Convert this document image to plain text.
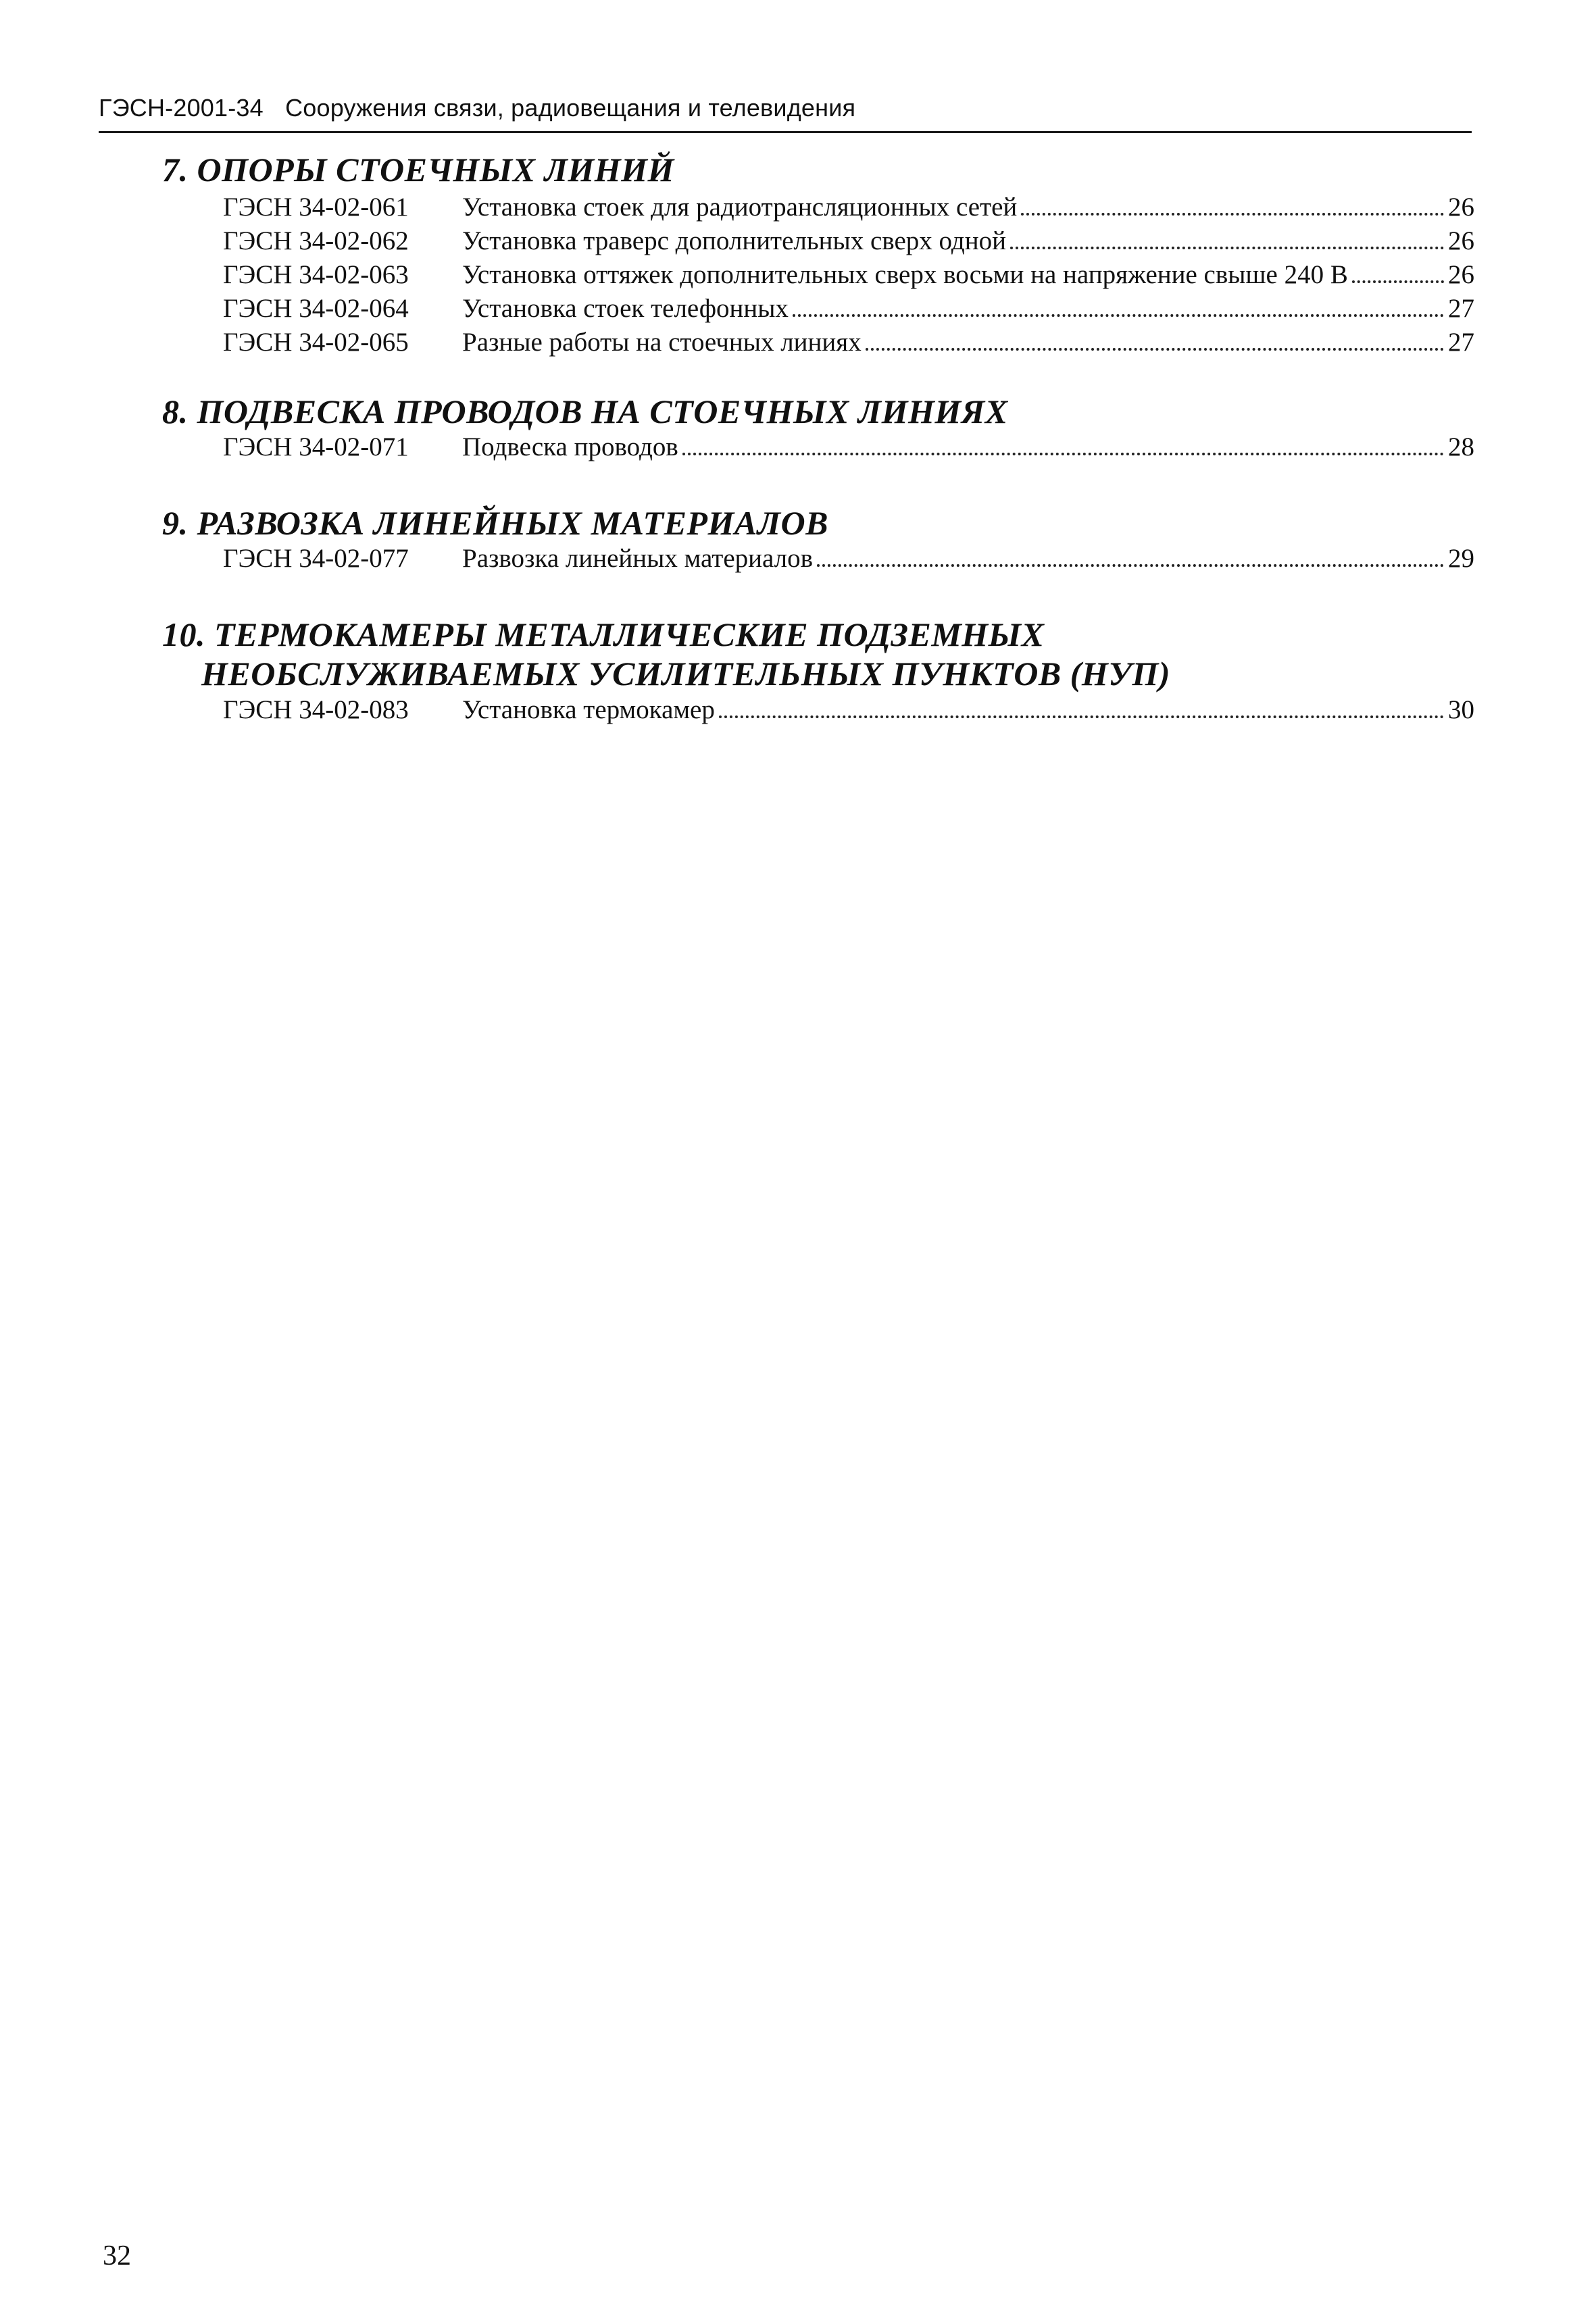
ГЭСН-2001-34 Сооружения связи, радиовещания и телевидения
7. ОПОРЫ СТОЕЧНЫХ ЛИНИЙ
ГЭСН 34-02-061	Установка стоек для радиотрансляционных сетей	26
ГЭСН 34-02-062	Установка траверс дополнительных сверх одной	26
ГЭСН 34-02-063	Установка оттяжек дополнительных сверх восьми на напряжение свыше 240 В	26
ГЭСН 34-02-064	Установка стоек телефонных	27
ГЭСН 34-02-065	Разные работы на стоечных линиях	27
8. ПОДВЕСКА ПРОВОДОВ НА СТОЕЧНЫХ ЛИНИЯХ
ГЭСН 34-02-071	Подвеска проводов	28
9. РАЗВОЗКА ЛИНЕЙНЫХ МАТЕРИАЛОВ
ГЭСН 34-02-077	Развозка линейных материалов	29
10. ТЕРМОКАМЕРЫ МЕТАЛЛИЧЕСКИЕ ПОДЗЕМНЫХ
НЕОБСЛУЖИВАЕМЫХ УСИЛИТЕЛЬНЫХ ПУНКТОВ (НУП)
ГЭСН 34-02-083	Установка термокамер	30
32
